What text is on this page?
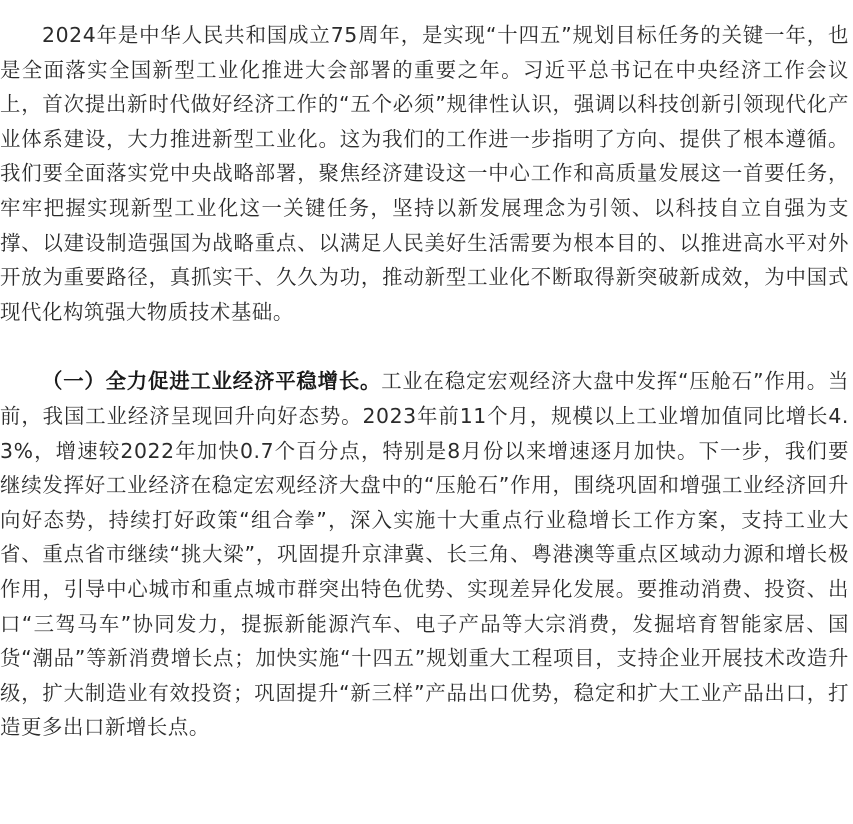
2024年是中华人民共和国成立75周年，是实现“十四五”规划目标任务的关键一年，也是全面落实全国新型工业化推进大会部署的重要之年。习近平总书记在中央经济工作会议上，首次提出新时代做好经济工作的“五个必须”规律性认识，强调以科技创新引领现代化产业体系建设，大力推进新型工业化。这为我们的工作进一步指明了方向、提供了根本遵循。我们要全面落实党中央战略部署，聚焦经济建设这一中心工作和高质量发展这一首要任务，牢牢把握实现新型工业化这一关键任务，坚持以新发展理念为引领、以科技自立自强为支撑、以建设制造强国为战略重点、以满足人民美好生活需要为根本目的、以推进高水平对外开放为重要路径，真抓实干、久久为功，推动新型工业化不断取得新突破新成效，为中国式现代化构筑强大物质技术基础。

（一）全力促进工业经济平稳增长。工业在稳定宏观经济大盘中发挥“压舱石”作用。当前，我国工业经济呈现回升向好态势。2023年前11个月，规模以上工业增加值同比增长4.3%，增速较2022年加快0.7个百分点，特别是8月份以来增速逐月加快。下一步，我们要继续发挥好工业经济在稳定宏观经济大盘中的“压舱石”作用，围绕巩固和增强工业经济回升向好态势，持续打好政策“组合拳”，深入实施十大重点行业稳增长工作方案，支持工业大省、重点省市继续“挑大梁”，巩固提升京津冀、长三角、粤港澳等重点区域动力源和增长极作用，引导中心城市和重点城市群突出特色优势、实现差异化发展。要推动消费、投资、出口“三驾马车”协同发力，提振新能源汽车、电子产品等大宗消费，发掘培育智能家居、国货“潮品”等新消费增长点；加快实施“十四五”规划重大工程项目，支持企业开展技术改造升级，扩大制造业有效投资；巩固提升“新三样”产品出口优势，稳定和扩大工业产品出口，打造更多出口新增长点。
